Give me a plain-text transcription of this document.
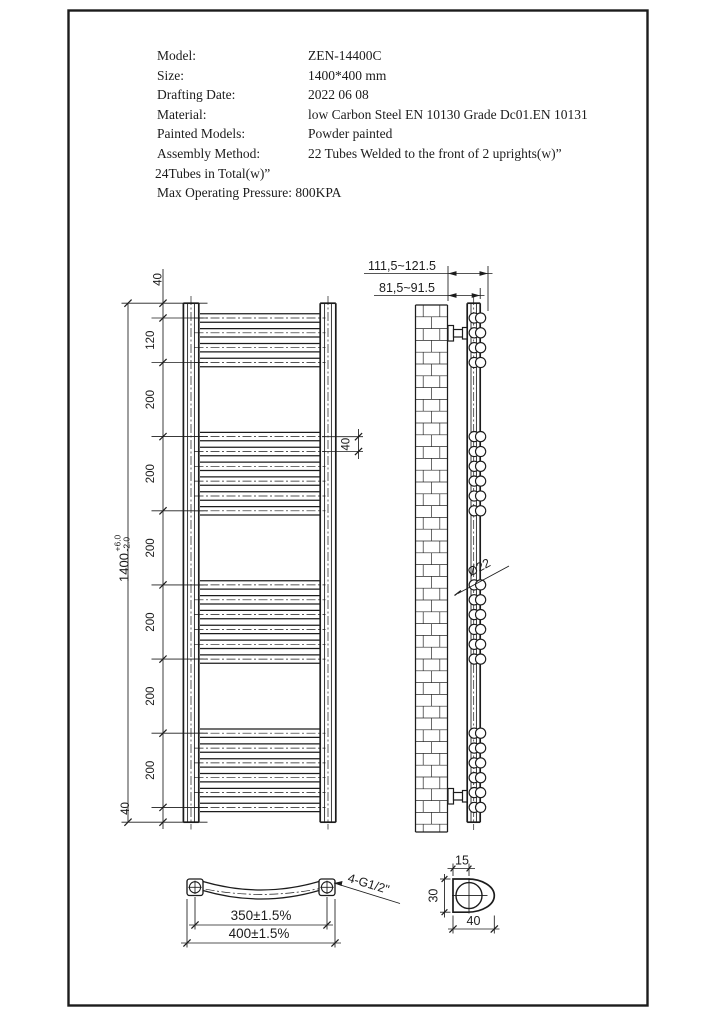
1400
+6.0 -2.0
40
120
200
200
200
200
200
200
40
40
111,5~121.5
81,5~91.5
Ø22
350±1.5%
400±1.5%
4-G1/2"
15
30
40
Model:	ZEN-14400C
Size:	1400*400 mm
Drafting Date:	2022 06 08
Material:	low Carbon Steel EN 10130 Grade Dc01.EN 10131
Painted Models:	Powder painted
Assembly Method:	22 Tubes Welded to the front of 2 uprights(w)”
24Tubes in Total(w)”
Max Operating Pressure: 800KPA
